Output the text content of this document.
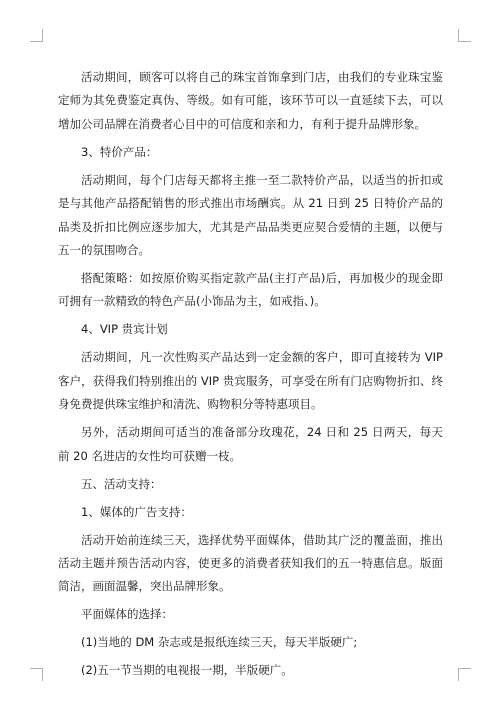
活动期间，顾客可以将自己的珠宝首饰拿到门店，由我们的专业珠宝鉴定师为其免费鉴定真伪、等级。如有可能，该环节可以一直延续下去，可以增加公司品牌在消费者心目中的可信度和亲和力，有利于提升品牌形象。

3、特价产品：

活动期间，每个门店每天都将主推一至二款特价产品，以适当的折扣或是与其他产品搭配销售的形式推出市场酬宾。从 21 日到 25 日特价产品的品类及折扣比例应逐步加大，尤其是产品品类更应契合爱情的主题，以便与五一的氛围吻合。

搭配策略：如按原价购买指定款产品(主打产品)后，再加极少的现金即可拥有一款精致的特色产品(小饰品为主，如戒指、)。

4、VIP 贵宾计划

活动期间，凡一次性购买产品达到一定金额的客户，即可直接转为 VIP 客户，获得我们特别推出的 VIP 贵宾服务，可享受在所有门店购物折扣、终身免费提供珠宝维护和清洗、购物积分等特惠项目。

另外，活动期间可适当的准备部分玫瑰花，24 日和 25 日两天，每天前 20 名进店的女性均可获赠一枝。

五、活动支持：

1、媒体的广告支持：

活动开始前连续三天，选择优势平面媒体，借助其广泛的覆盖面，推出活动主题并预告活动内容，使更多的消费者获知我们的五一特惠信息。版面简洁，画面温馨，突出品牌形象。

平面媒体的选择：

(1)当地的 DM 杂志或是报纸连续三天，每天半版硬广;

(2)五一节当期的电视报一期，半版硬广。
